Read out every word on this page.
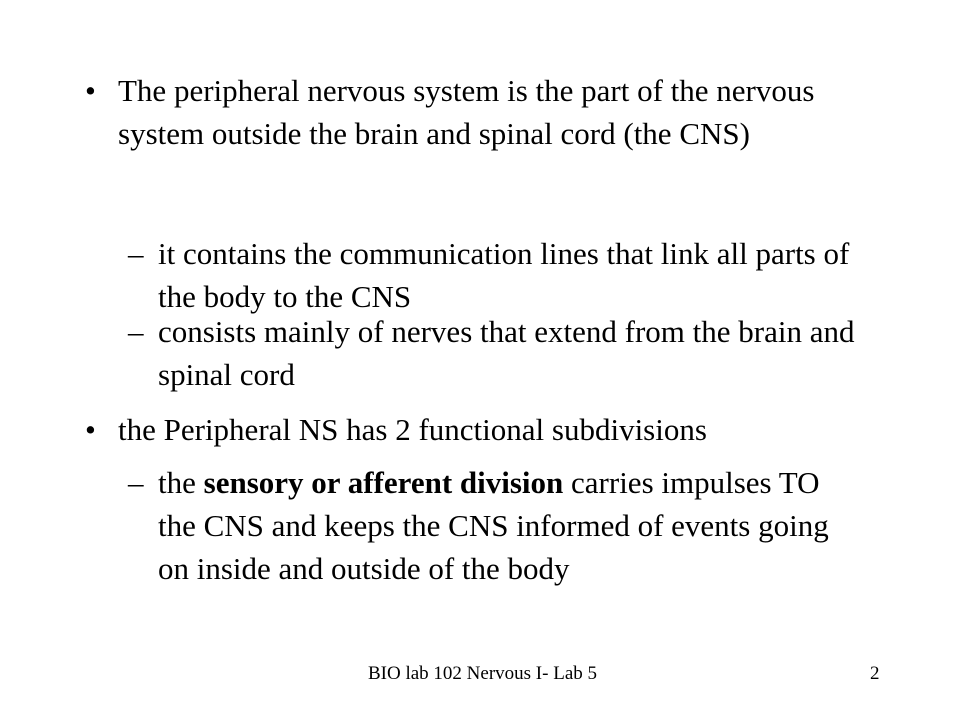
• The peripheral nervous system is the part of the nervous system outside the brain and spinal cord (the CNS)
– it contains the communication lines that link all parts of the body to the CNS
– consists mainly of nerves that extend from the brain and spinal cord
• the Peripheral NS has 2 functional subdivisions
– the sensory or afferent division carries impulses TO the CNS and keeps the CNS informed of events going on inside and outside of the body
BIO lab 102 Nervous I- Lab 5	2
